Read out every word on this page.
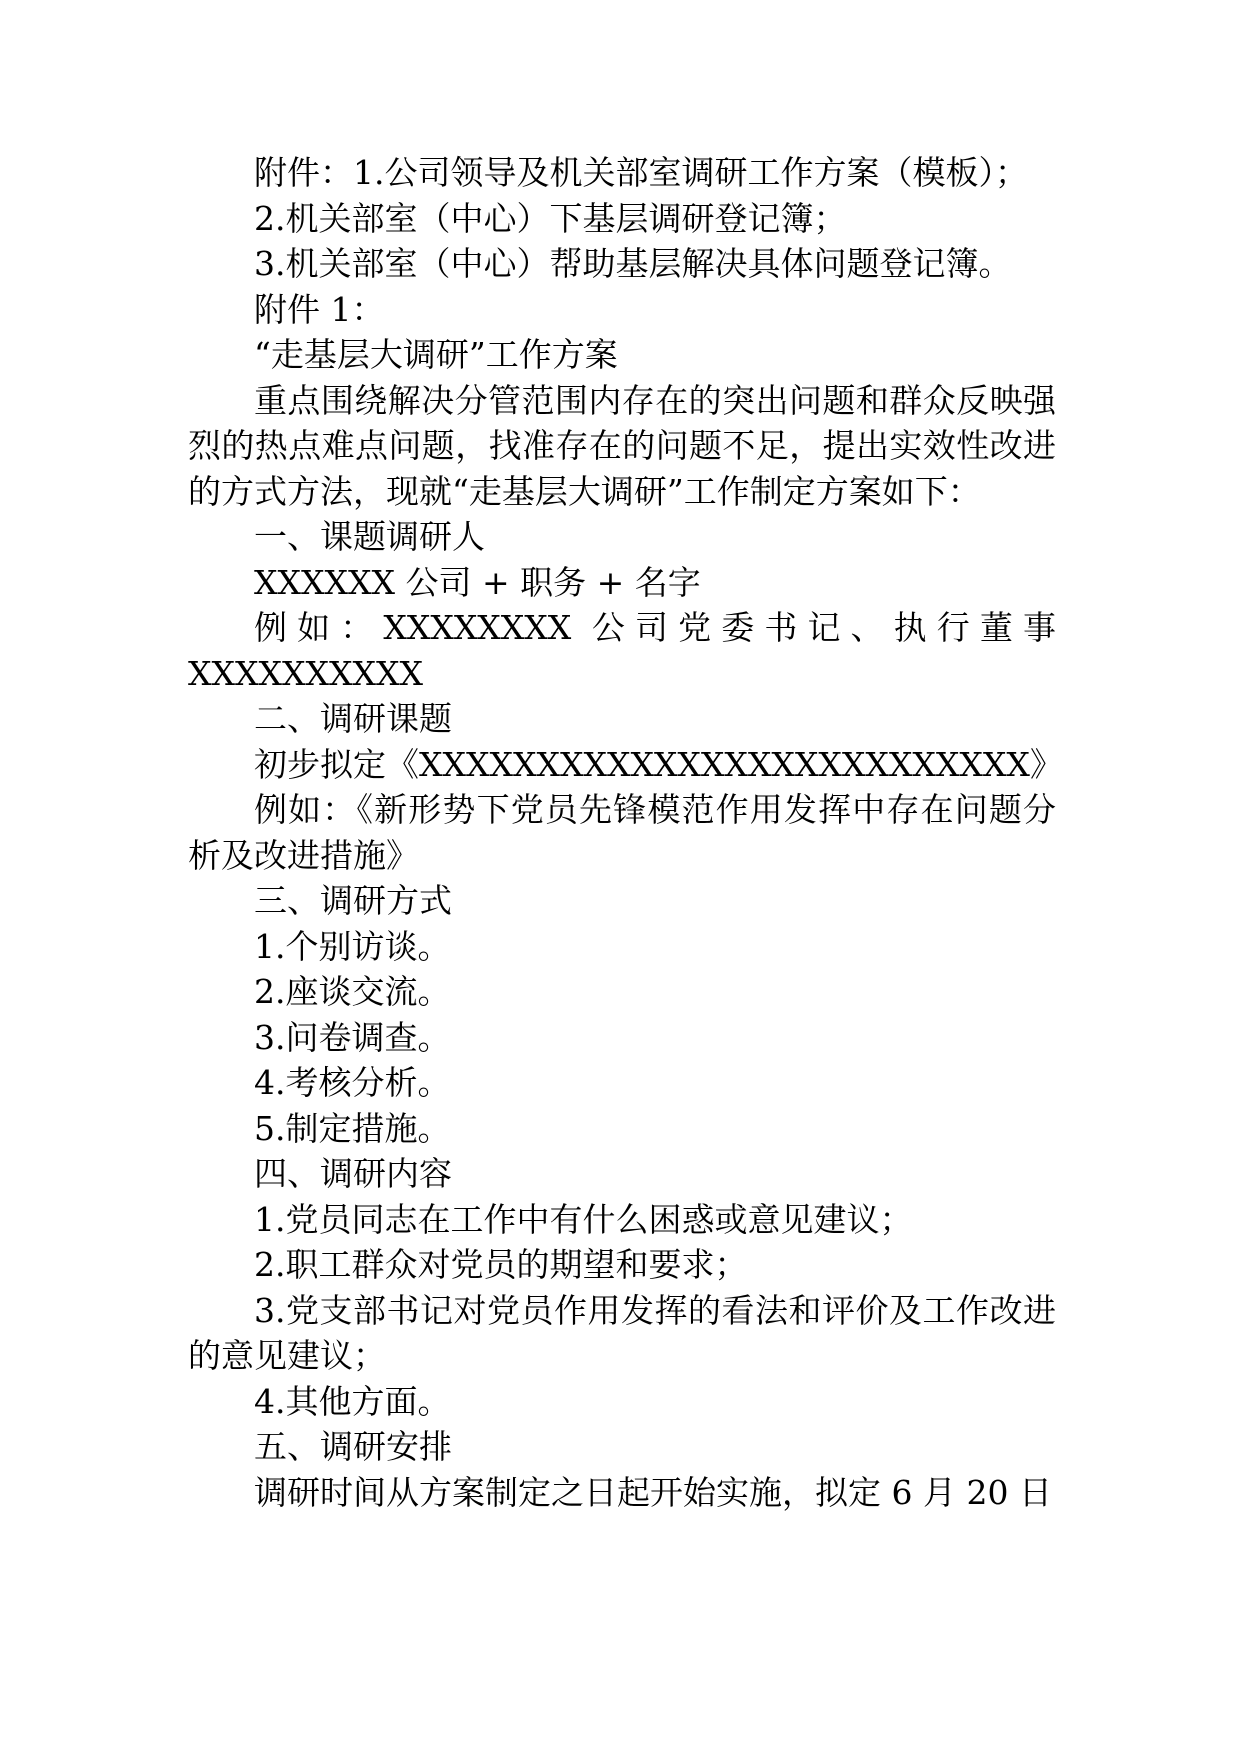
附件：1.公司领导及机关部室调研工作方案（模板）；

2.机关部室（中心）下基层调研登记簿；

3.机关部室（中心）帮助基层解决具体问题登记簿。

附件 1：

“走基层大调研”工作方案

重点围绕解决分管范围内存在的突出问题和群众反映强烈的热点难点问题，找准存在的问题不足，提出实效性改进的方式方法，现就“走基层大调研”工作制定方案如下：

一、课题调研人

XXXXXX 公司 + 职务 + 名字

例如：XXXXXXXX 公司党委书记、执行董事 XXXXXXXXXX

二、调研课题

初步拟定《XXXXXXXXXXXXXXXXXXXXXXXXXX》

例如：《新形势下党员先锋模范作用发挥中存在问题分析及改进措施》

三、调研方式

1.个别访谈。

2.座谈交流。

3.问卷调查。

4.考核分析。

5.制定措施。

四、调研内容

1.党员同志在工作中有什么困惑或意见建议；

2.职工群众对党员的期望和要求；

3.党支部书记对党员作用发挥的看法和评价及工作改进的意见建议；

4.其他方面。

五、调研安排

调研时间从方案制定之日起开始实施，拟定 6 月 20 日
